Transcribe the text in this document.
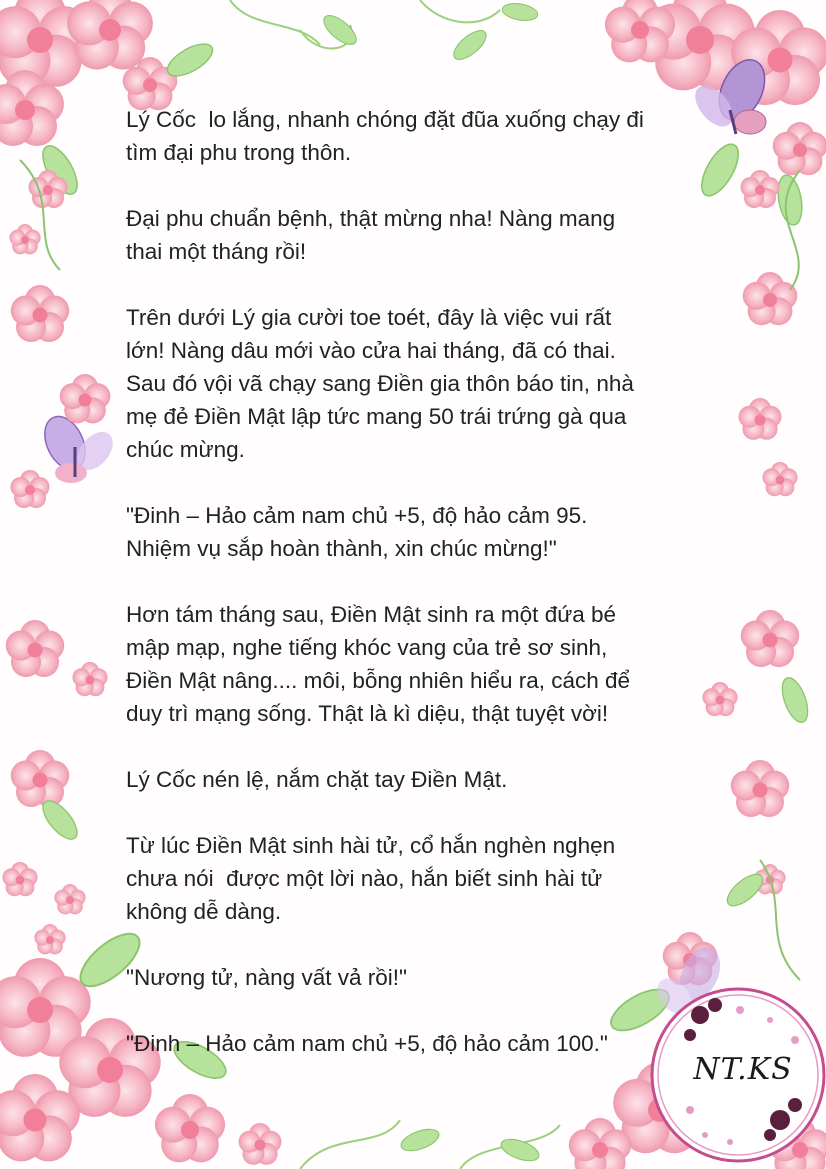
Lý Cốc  lo lắng, nhanh chóng đặt đũa xuống chạy đi
tìm đại phu trong thôn.

Đại phu chuẩn bệnh, thật mừng nha! Nàng mang
thai một tháng rồi!

Trên dưới Lý gia cười toe toét, đây là việc vui rất
lớn! Nàng dâu mới vào cửa hai tháng, đã có thai.
Sau đó vội vã chạy sang Điền gia thôn báo tin, nhà
mẹ đẻ Điền Mật lập tức mang 50 trái trứng gà qua
chúc mừng.

"Đinh – Hảo cảm nam chủ +5, độ hảo cảm 95.
Nhiệm vụ sắp hoàn thành, xin chúc mừng!"

Hơn tám tháng sau, Điền Mật sinh ra một đứa bé
mập mạp, nghe tiếng khóc vang của trẻ sơ sinh,
Điền Mật nâng.... môi, bỗng nhiên hiểu ra, cách để
duy trì mạng sống. Thật là kì diệu, thật tuyệt vời!

Lý Cốc nén lệ, nắm chặt tay Điền Mật.

Từ lúc Điền Mật sinh hài tử, cổ hắn nghèn nghẹn
chưa nói  được một lời nào, hắn biết sinh hài tử
không dễ dàng.

"Nương tử, nàng vất vả rồi!"

"Đinh – Hảo cảm nam chủ +5, độ hảo cảm 100."

NT.KS
